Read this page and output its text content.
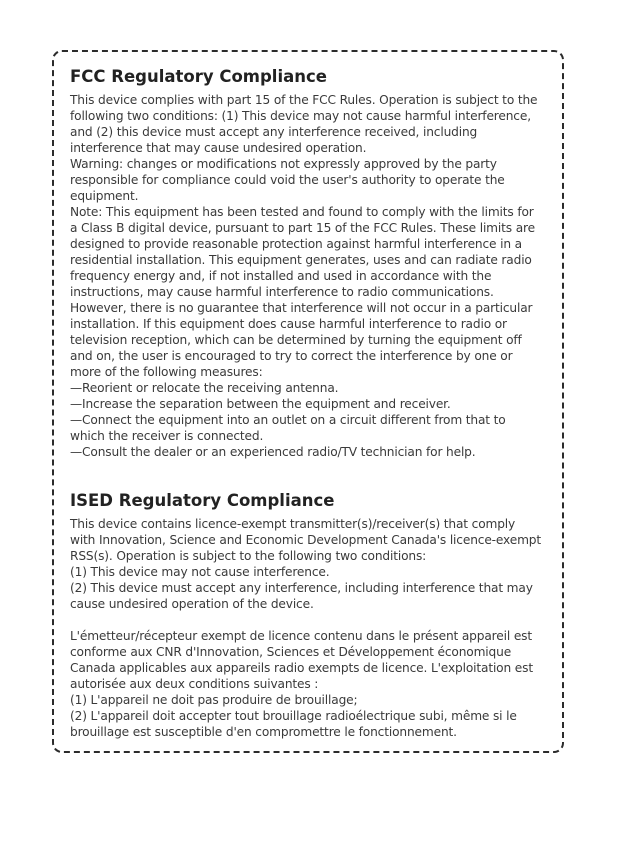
FCC Regulatory Compliance

This device complies with part 15 of the FCC Rules. Operation is subject to the following two conditions: (1) This device may not cause harmful interference, and (2) this device must accept any interference received, including interference that may cause undesired operation.

Warning: changes or modifications not expressly approved by the party responsible for compliance could void the user's authority to operate the equipment.

Note: This equipment has been tested and found to comply with the limits for a Class B digital device, pursuant to part 15 of the FCC Rules. These limits are designed to provide reasonable protection against harmful interference in a residential installation. This equipment generates, uses and can radiate radio frequency energy and, if not installed and used in accordance with the instructions, may cause harmful interference to radio communications. However, there is no guarantee that interference will not occur in a particular installation. If this equipment does cause harmful interference to radio or television reception, which can be determined by turning the equipment off and on, the user is encouraged to try to correct the interference by one or more of the following measures:

—Reorient or relocate the receiving antenna.

—Increase the separation between the equipment and receiver.

—Connect the equipment into an outlet on a circuit different from that to which the receiver is connected.

—Consult the dealer or an experienced radio/TV technician for help.

ISED Regulatory Compliance

This device contains licence-exempt transmitter(s)/receiver(s) that comply with Innovation, Science and Economic Development Canada's licence-exempt RSS(s). Operation is subject to the following two conditions:

(1) This device may not cause interference.

(2) This device must accept any interference, including interference that may cause undesired operation of the device.

L'émetteur/récepteur exempt de licence contenu dans le présent appareil est conforme aux CNR d'Innovation, Sciences et Développement économique Canada applicables aux appareils radio exempts de licence. L'exploitation est autorisée aux deux conditions suivantes :

(1) L'appareil ne doit pas produire de brouillage;

(2) L'appareil doit accepter tout brouillage radioélectrique subi, même si le brouillage est susceptible d'en compromettre le fonctionnement.
